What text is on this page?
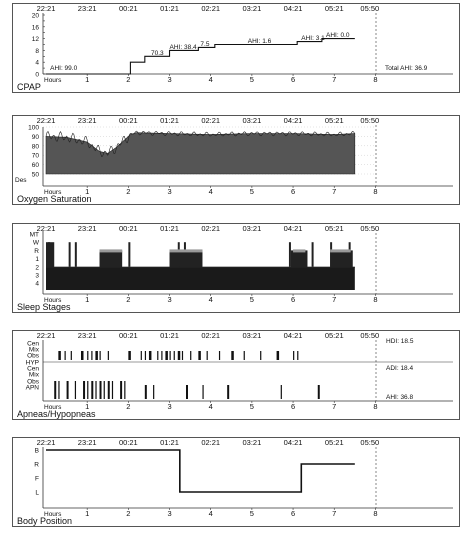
22:21	23:21	00:21	01:21	02:21	03:21	04:21	05:21 05:50
Hours	1	2	3	4	5	6	7	8
CPAP
20
16
12
8
4
0
AHI: 99.0
70.3
AHI: 38.4 7.5	AHI: 1.6	AHI: 3.1 AHI: 0.0
Total AHI: 36.9
22:21	23:21	00:21	01:21	02:21	03:21	04:21	05:21 05:50
Hours	1	2	3	4	5	6	7	8
Oxygen Saturation
100
90
80
70
60
50
Des
22:21	23:21	00:21	01:21	02:21	03:21	04:21	05:21 05:50
Hours	1	2	3	4	5	6	7	8
Sleep Stages
MT
W
R
1
2
3
4
22:21	23:21	00:21	01:21	02:21	03:21	04:21	05:21 05:50
Hours	1	2	3	4	5	6	7	8
Apneas/Hypopneas
Cen
Mix
Obs
HYP
Cen
Mix
Obs
APN
HDI: 18.5
ADI: 18.4
AHI: 36.8
22:21	23:21	00:21	01:21	02:21	03:21	04:21	05:21 05:50
Hours	1	2	3	4	5	6	7	8
Body Position
B
R
F
L
